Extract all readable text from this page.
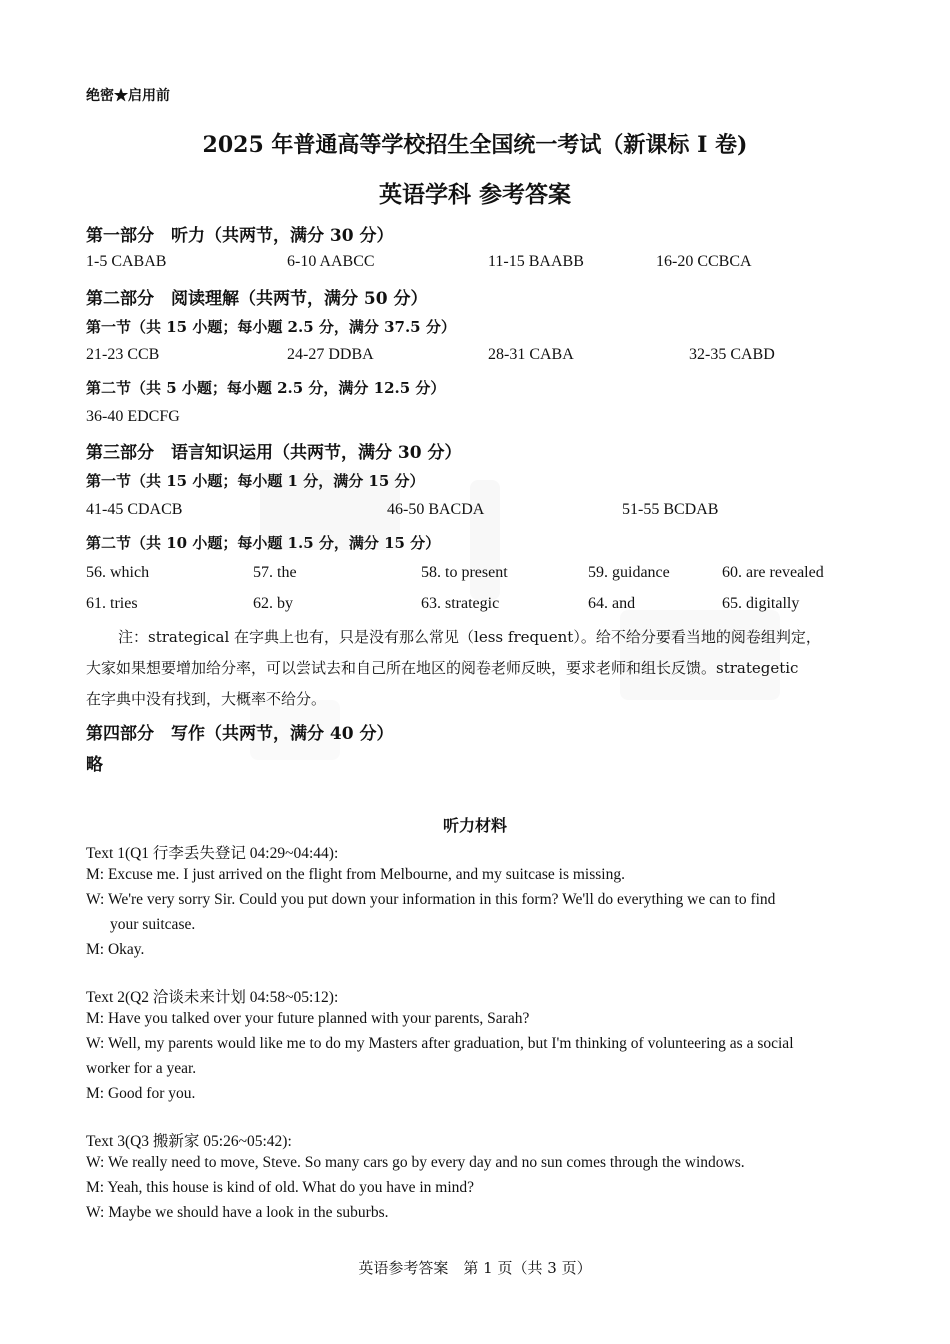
绝密★启用前
2025 年普通高等学校招生全国统一考试（新课标 I 卷)
英语学科 参考答案
第一部分　听力（共两节，满分 30 分）
1-5 CABAB	6-10 AABCC	11-15 BAABB	16-20 CCBCA
第二部分　阅读理解（共两节，满分 50 分）
第一节（共 15 小题；每小题 2.5 分，满分 37.5 分）
21-23 CCB	24-27 DDBA	28-31 CABA	32-35 CABD
第二节（共 5 小题；每小题 2.5 分，满分 12.5 分）
36-40 EDCFG
第三部分　语言知识运用（共两节，满分 30 分）
第一节（共 15 小题；每小题 1 分，满分 15 分）
41-45 CDACB	46-50 BACDA	51-55 BCDAB
第二节（共 10 小题；每小题 1.5 分，满分 15 分）
56. which	57. the	58. to present	59. guidance	60. are revealed
61. tries	62. by	63. strategic	64. and	65. digitally
注：strategical 在字典上也有，只是没有那么常见（less frequent）。给不给分要看当地的阅卷组判定，
大家如果想要增加给分率，可以尝试去和自己所在地区的阅卷老师反映，要求老师和组长反馈。strategetic
在字典中没有找到，大概率不给分。
第四部分　写作（共两节，满分 40 分）
略
听力材料
Text 1(Q1 行李丢失登记 04:29~04:44):
M: Excuse me. I just arrived on the flight from Melbourne, and my suitcase is missing.
W: We're very sorry Sir. Could you put down your information in this form? We'll do everything we can to find
your suitcase.
M: Okay.
Text 2(Q2 洽谈未来计划 04:58~05:12):
M: Have you talked over your future planned with your parents, Sarah?
W: Well, my parents would like me to do my Masters after graduation, but I'm thinking of volunteering as a social
worker for a year.
M: Good for you.
Text 3(Q3 搬新家 05:26~05:42):
W: We really need to move, Steve. So many cars go by every day and no sun comes through the windows.
M: Yeah, this house is kind of old. What do you have in mind?
W: Maybe we should have a look in the suburbs.
英语参考答案　第 1 页（共 3 页）
